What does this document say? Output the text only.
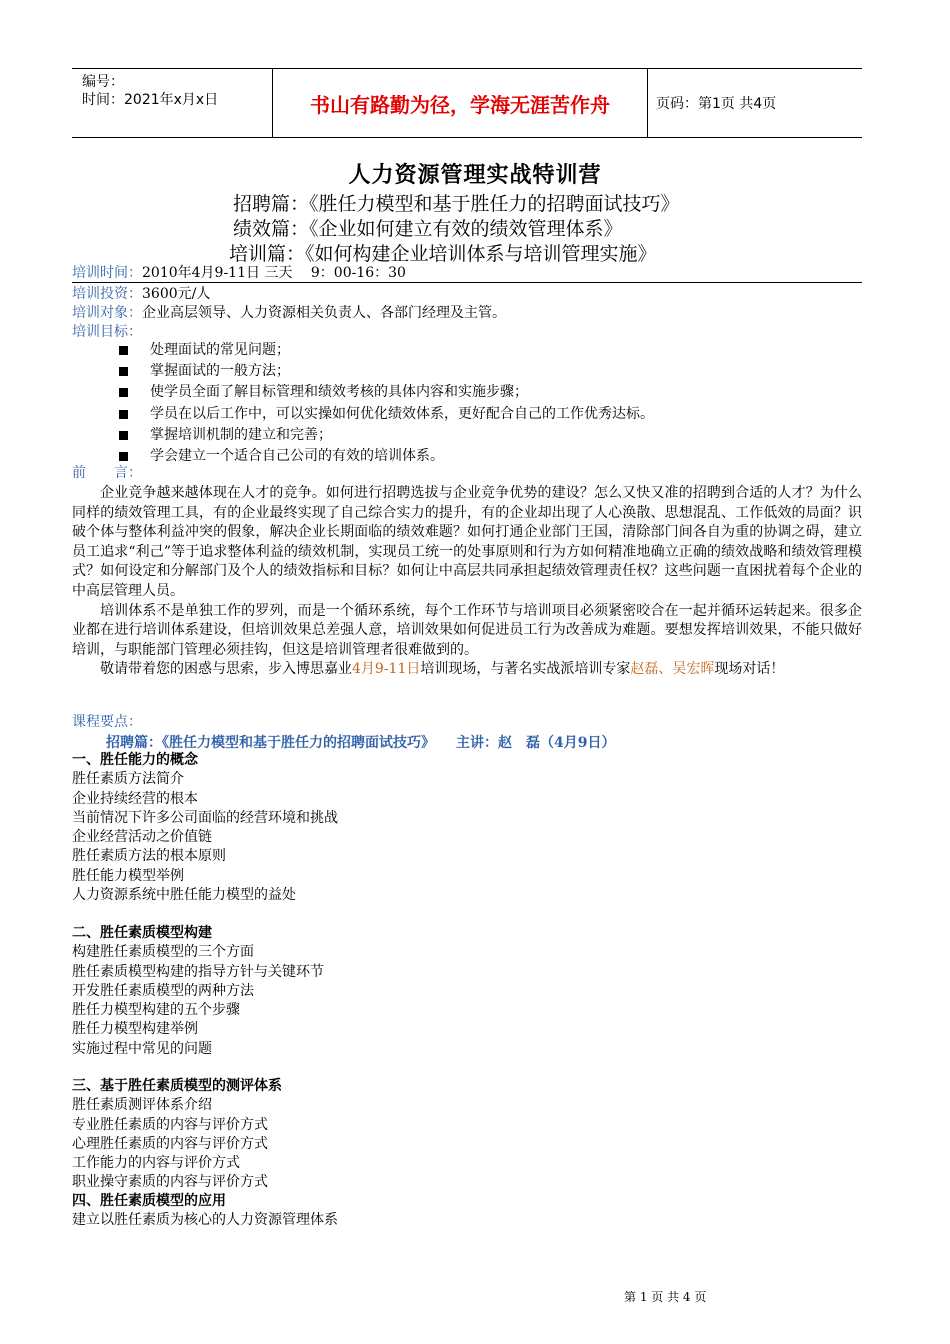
编号：
时间：2021年x月x日	书山有路勤为径，学海无涯苦作舟	页码：第1页 共4页
人力资源管理实战特训营
招聘篇：《胜任力模型和基于胜任力的招聘面试技巧》
绩效篇：《企业如何建立有效的绩效管理体系》
培训篇：《如何构建企业培训体系与培训管理实施》
培训时间：2010年4月9-11日 三天　 9：00-16：30
培训投资：3600元/人
培训对象：企业高层领导、人力资源相关负责人、各部门经理及主管。
培训目标：
处理面试的常见问题；
掌握面试的一般方法；
使学员全面了解目标管理和绩效考核的具体内容和实施步骤；
学员在以后工作中，可以实操如何优化绩效体系，更好配合自己的工作优秀达标。
掌握培训机制的建立和完善；
学会建立一个适合自己公司的有效的培训体系。
前　　言：

企业竞争越来越体现在人才的竞争。如何进行招聘选拔与企业竞争优势的建设？怎么又快又准的招聘到合适的人才？为什么同样的绩效管理工具，有的企业最终实现了自己综合实力的提升，有的企业却出现了人心涣散、思想混乱、工作低效的局面？识破个体与整体利益冲突的假象，解决企业长期面临的绩效难题？如何打通企业部门王国，清除部门间各自为重的协调之碍，建立员工追求“利己”等于追求整体利益的绩效机制，实现员工统一的处事原则和行为方如何精准地确立正确的绩效战略和绩效管理模式？如何设定和分解部门及个人的绩效指标和目标？如何让中高层共同承担起绩效管理责任权？这些问题一直困扰着每个企业的中高层管理人员。

培训体系不是单独工作的罗列，而是一个循环系统，每个工作环节与培训项目必须紧密咬合在一起并循环运转起来。很多企业都在进行培训体系建设，但培训效果总差强人意，培训效果如何促进员工行为改善成为难题。要想发挥培训效果，不能只做好培训，与职能部门管理必须挂钩，但这是培训管理者很难做到的。

敬请带着您的困惑与思索，步入博思嘉业4月9-11日培训现场，与著名实战派培训专家赵磊、吴宏晖现场对话！

课程要点：
招聘篇：《胜任力模型和基于胜任力的招聘面试技巧》　　主讲：赵　磊（4月9日）
一、胜任能力的概念
胜任素质方法简介
企业持续经营的根本
当前情况下许多公司面临的经营环境和挑战
企业经营活动之价值链
胜任素质方法的根本原则
胜任能力模型举例
人力资源系统中胜任能力模型的益处
二、胜任素质模型构建
构建胜任素质模型的三个方面
胜任素质模型构建的指导方针与关键环节
开发胜任素质模型的两种方法
胜任力模型构建的五个步骤
胜任力模型构建举例
实施过程中常见的问题
三、基于胜任素质模型的测评体系
胜任素质测评体系介绍
专业胜任素质的内容与评价方式
心理胜任素质的内容与评价方式
工作能力的内容与评价方式
职业操守素质的内容与评价方式
四、胜任素质模型的应用
建立以胜任素质为核心的人力资源管理体系
第 1 页 共 4 页
